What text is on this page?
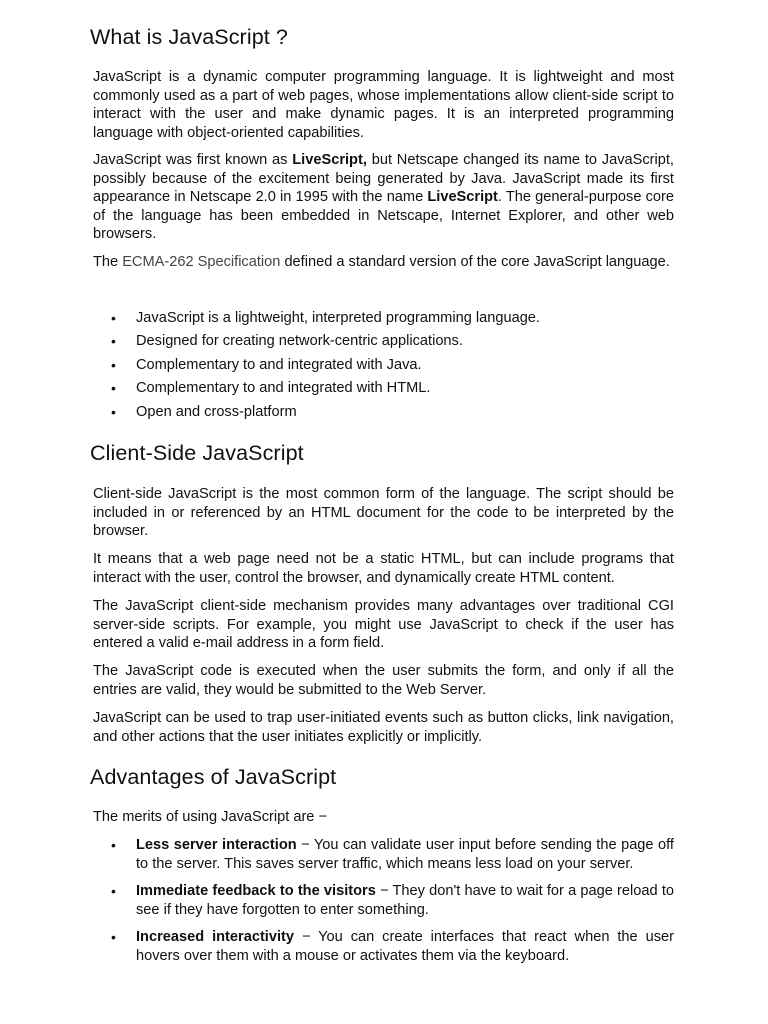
What is JavaScript ?

JavaScript is a dynamic computer programming language. It is lightweight and most commonly used as a part of web pages, whose implementations allow client-side script to interact with the user and make dynamic pages. It is an interpreted programming language with object-oriented capabilities.

JavaScript was first known as LiveScript, but Netscape changed its name to JavaScript, possibly because of the excitement being generated by Java. JavaScript made its first appearance in Netscape 2.0 in 1995 with the name LiveScript. The general-purpose core of the language has been embedded in Netscape, Internet Explorer, and other web browsers.

The ECMA-262 Specification defined a standard version of the core JavaScript language.

• JavaScript is a lightweight, interpreted programming language.
• Designed for creating network-centric applications.
• Complementary to and integrated with Java.
• Complementary to and integrated with HTML.
• Open and cross-platform
Client-Side JavaScript

Client-side JavaScript is the most common form of the language. The script should be included in or referenced by an HTML document for the code to be interpreted by the browser.

It means that a web page need not be a static HTML, but can include programs that interact with the user, control the browser, and dynamically create HTML content.

The JavaScript client-side mechanism provides many advantages over traditional CGI server-side scripts. For example, you might use JavaScript to check if the user has entered a valid e-mail address in a form field.

The JavaScript code is executed when the user submits the form, and only if all the entries are valid, they would be submitted to the Web Server.

JavaScript can be used to trap user-initiated events such as button clicks, link navigation, and other actions that the user initiates explicitly or implicitly.

Advantages of JavaScript

The merits of using JavaScript are −

• Less server interaction − You can validate user input before sending the page off to the server. This saves server traffic, which means less load on your server.
• Immediate feedback to the visitors − They don't have to wait for a page reload to see if they have forgotten to enter something.
• Increased interactivity − You can create interfaces that react when the user hovers over them with a mouse or activates them via the keyboard.
